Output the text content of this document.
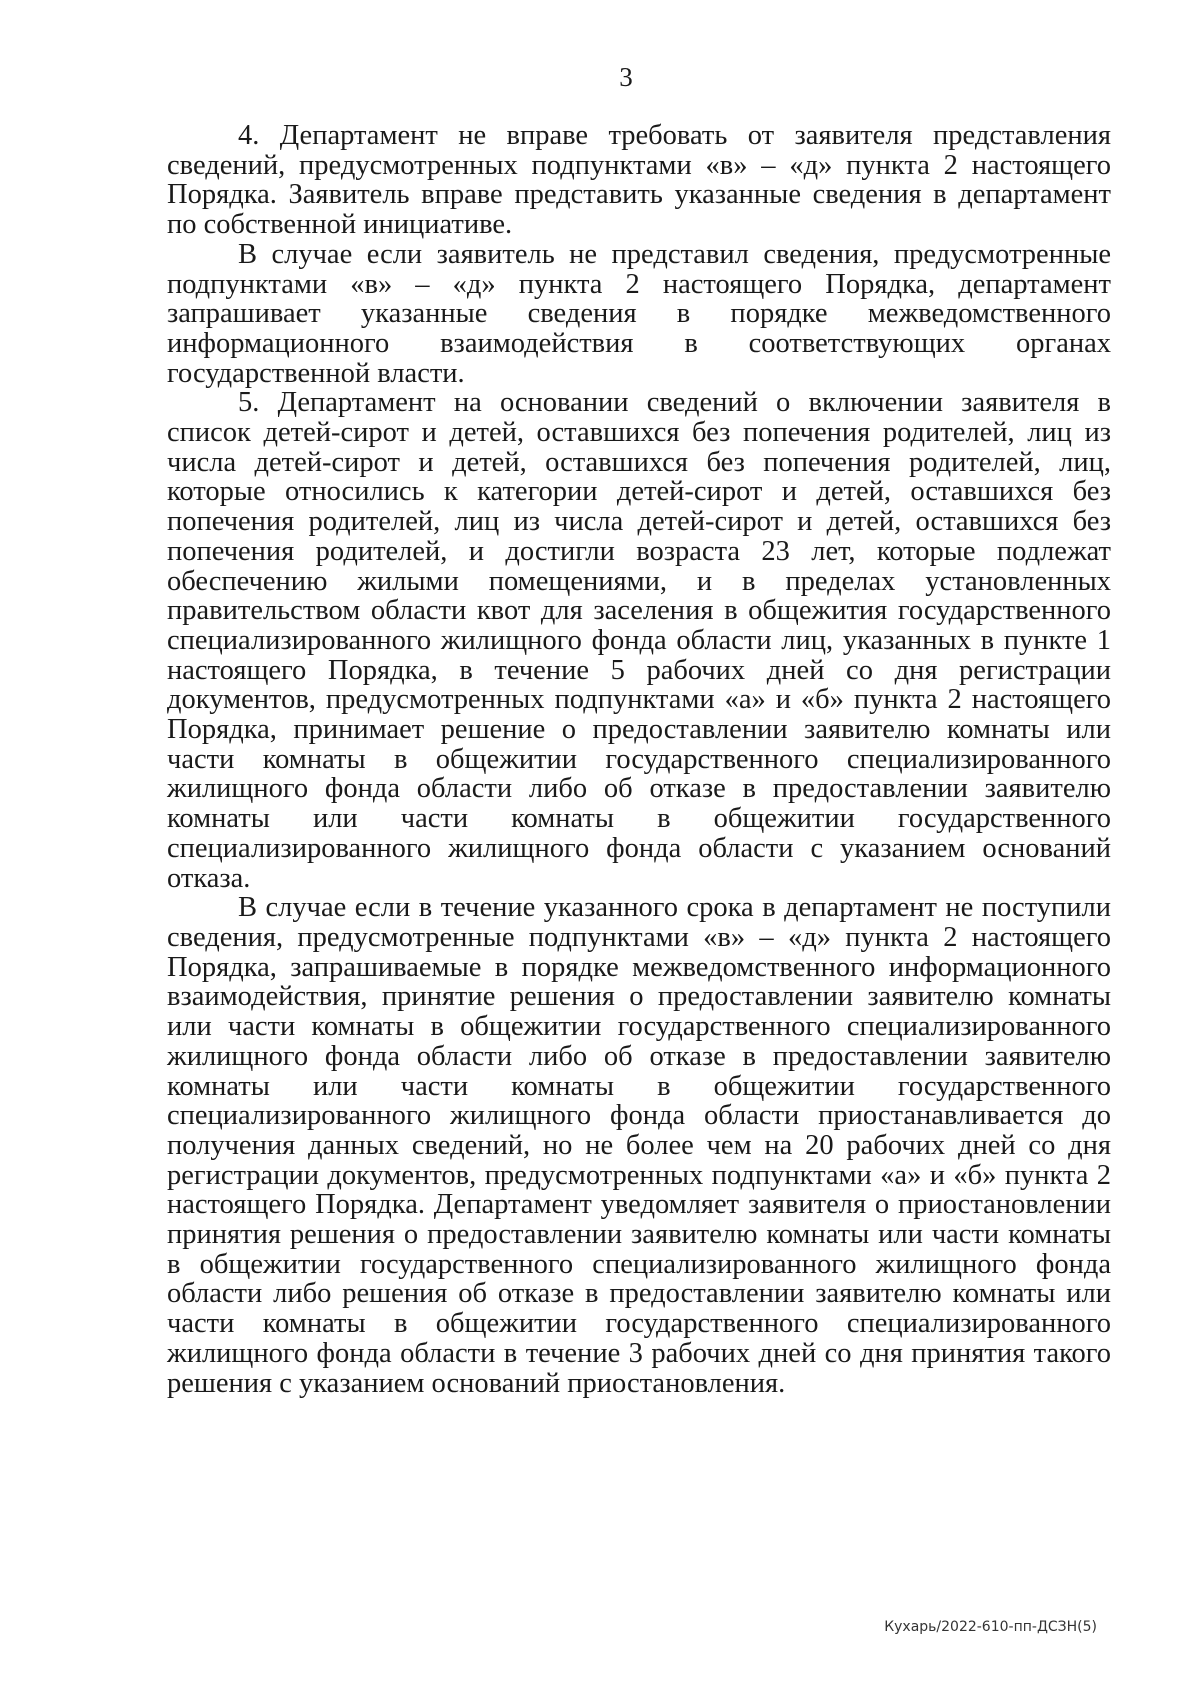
3

4. Департамент не вправе требовать от заявителя представления сведений, предусмотренных подпунктами «в» – «д» пункта 2 настоящего Порядка. Заявитель вправе представить указанные сведения в департамент по собственной инициативе.

В случае если заявитель не представил сведения, предусмотренные подпунктами «в» – «д» пункта 2 настоящего Порядка, департамент запрашивает указанные сведения в порядке межведомственного информационного взаимодействия в соответствующих органах государственной власти.

5. Департамент на основании сведений о включении заявителя в список детей-сирот и детей, оставшихся без попечения родителей, лиц из числа детей-сирот и детей, оставшихся без попечения родителей, лиц, которые относились к категории детей-сирот и детей, оставшихся без попечения родителей, лиц из числа детей-сирот и детей, оставшихся без попечения родителей, и достигли возраста 23 лет, которые подлежат обеспечению жилыми помещениями, и в пределах установленных правительством области квот для заселения в общежития государственного специализированного жилищного фонда области лиц, указанных в пункте 1 настоящего Порядка, в течение 5 рабочих дней со дня регистрации документов, предусмотренных подпунктами «а» и «б» пункта 2 настоящего Порядка, принимает решение о предоставлении заявителю комнаты или части комнаты в общежитии государственного специализированного жилищного фонда области либо об отказе в предоставлении заявителю комнаты или части комнаты в общежитии государственного специализированного жилищного фонда области с указанием оснований отказа.

В случае если в течение указанного срока в департамент не поступили сведения, предусмотренные подпунктами «в» – «д» пункта 2 настоящего Порядка, запрашиваемые в порядке межведомственного информационного взаимодействия, принятие решения о предоставлении заявителю комнаты или части комнаты в общежитии государственного специализированного жилищного фонда области либо об отказе в предоставлении заявителю комнаты или части комнаты в общежитии государственного специализированного жилищного фонда области приостанавливается до получения данных сведений, но не более чем на 20 рабочих дней со дня регистрации документов, предусмотренных подпунктами «а» и «б» пункта 2 настоящего Порядка. Департамент уведомляет заявителя о приостановлении принятия решения о предоставлении заявителю комнаты или части комнаты в общежитии государственного специализированного жилищного фонда области либо решения об отказе в предоставлении заявителю комнаты или части комнаты в общежитии государственного специализированного жилищного фонда области в течение 3 рабочих дней со дня принятия такого решения с указанием оснований приостановления.

Кухарь/2022-610-пп-ДСЗН(5)
